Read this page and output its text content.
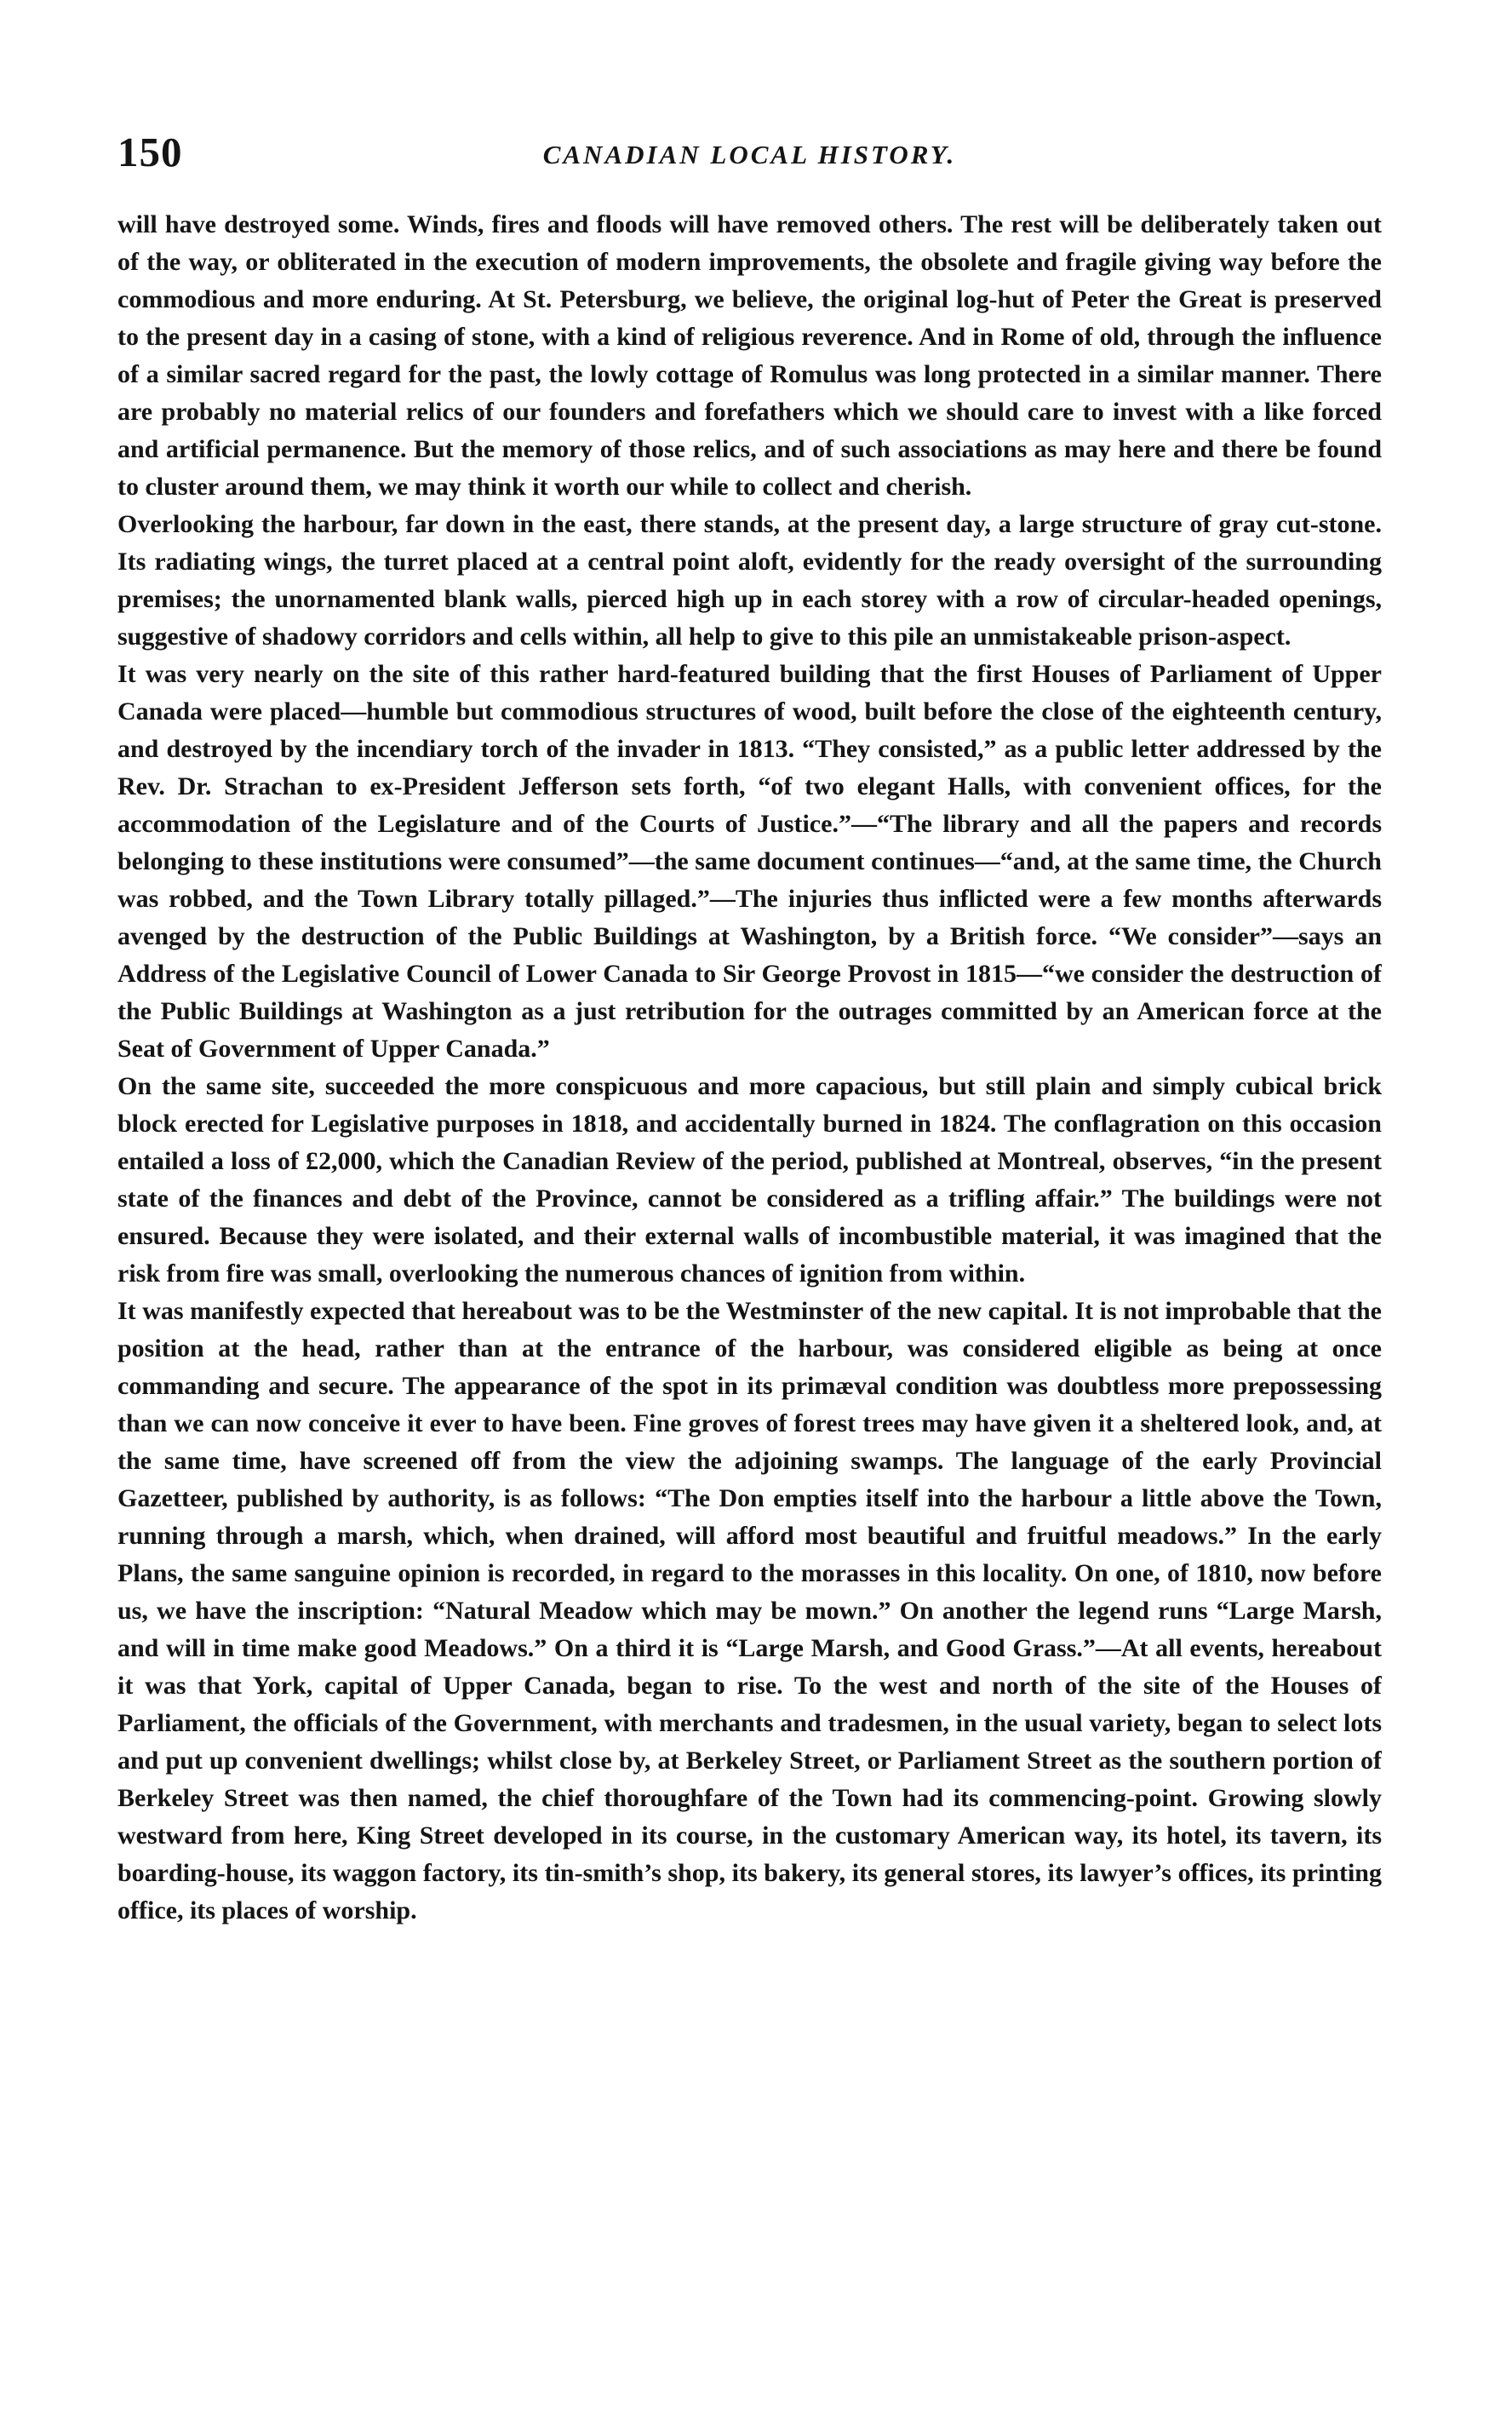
150	CANADIAN LOCAL HISTORY.

will have destroyed some. Winds, fires and floods will have removed others. The rest will be deliberately taken out of the way, or obliterated in the execution of modern improvements, the obsolete and fragile giving way before the commodious and more enduring. At St. Petersburg, we believe, the original log-hut of Peter the Great is preserved to the present day in a casing of stone, with a kind of religious reverence. And in Rome of old, through the influence of a similar sacred regard for the past, the lowly cottage of Romulus was long protected in a similar manner. There are probably no material relics of our founders and forefathers which we should care to invest with a like forced and artificial permanence. But the memory of those relics, and of such associations as may here and there be found to cluster around them, we may think it worth our while to collect and cherish.

Overlooking the harbour, far down in the east, there stands, at the present day, a large structure of gray cut-stone. Its radiating wings, the turret placed at a central point aloft, evidently for the ready oversight of the surrounding premises; the unornamented blank walls, pierced high up in each storey with a row of circular-headed openings, suggestive of shadowy corridors and cells within, all help to give to this pile an unmistakeable prison-aspect.

It was very nearly on the site of this rather hard-featured building that the first Houses of Parliament of Upper Canada were placed—humble but commodious structures of wood, built before the close of the eighteenth century, and destroyed by the incendiary torch of the invader in 1813. “They consisted,” as a public letter addressed by the Rev. Dr. Strachan to ex-President Jefferson sets forth, “of two elegant Halls, with convenient offices, for the accommodation of the Legislature and of the Courts of Justice.”—“The library and all the papers and records belonging to these institutions were consumed”—the same document continues—“and, at the same time, the Church was robbed, and the Town Library totally pillaged.”—The injuries thus inflicted were a few months afterwards avenged by the destruction of the Public Buildings at Washington, by a British force. “We consider”—says an Address of the Legislative Council of Lower Canada to Sir George Provost in 1815—“we consider the destruction of the Public Buildings at Washington as a just retribution for the outrages committed by an American force at the Seat of Government of Upper Canada.”

On the same site, succeeded the more conspicuous and more capacious, but still plain and simply cubical brick block erected for Legislative purposes in 1818, and accidentally burned in 1824. The conflagration on this occasion entailed a loss of £2,000, which the Canadian Review of the period, published at Montreal, observes, “in the present state of the finances and debt of the Province, cannot be considered as a trifling affair.” The buildings were not ensured. Because they were isolated, and their external walls of incombustible material, it was imagined that the risk from fire was small, overlooking the numerous chances of ignition from within.

It was manifestly expected that hereabout was to be the Westminster of the new capital. It is not improbable that the position at the head, rather than at the entrance of the harbour, was considered eligible as being at once commanding and secure. The appearance of the spot in its primæval condition was doubtless more prepossessing than we can now conceive it ever to have been. Fine groves of forest trees may have given it a sheltered look, and, at the same time, have screened off from the view the adjoining swamps. The language of the early Provincial Gazetteer, published by authority, is as follows: “The Don empties itself into the harbour a little above the Town, running through a marsh, which, when drained, will afford most beautiful and fruitful meadows.” In the early Plans, the same sanguine opinion is recorded, in regard to the morasses in this locality. On one, of 1810, now before us, we have the inscription: “Natural Meadow which may be mown.” On another the legend runs “Large Marsh, and will in time make good Meadows.” On a third it is “Large Marsh, and Good Grass.”—At all events, hereabout it was that York, capital of Upper Canada, began to rise. To the west and north of the site of the Houses of Parliament, the officials of the Government, with merchants and tradesmen, in the usual variety, began to select lots and put up convenient dwellings; whilst close by, at Berkeley Street, or Parliament Street as the southern portion of Berkeley Street was then named, the chief thoroughfare of the Town had its commencing-point. Growing slowly westward from here, King Street developed in its course, in the customary American way, its hotel, its tavern, its boarding-house, its waggon factory, its tin-smith’s shop, its bakery, its general stores, its lawyer’s offices, its printing office, its places of worship.
